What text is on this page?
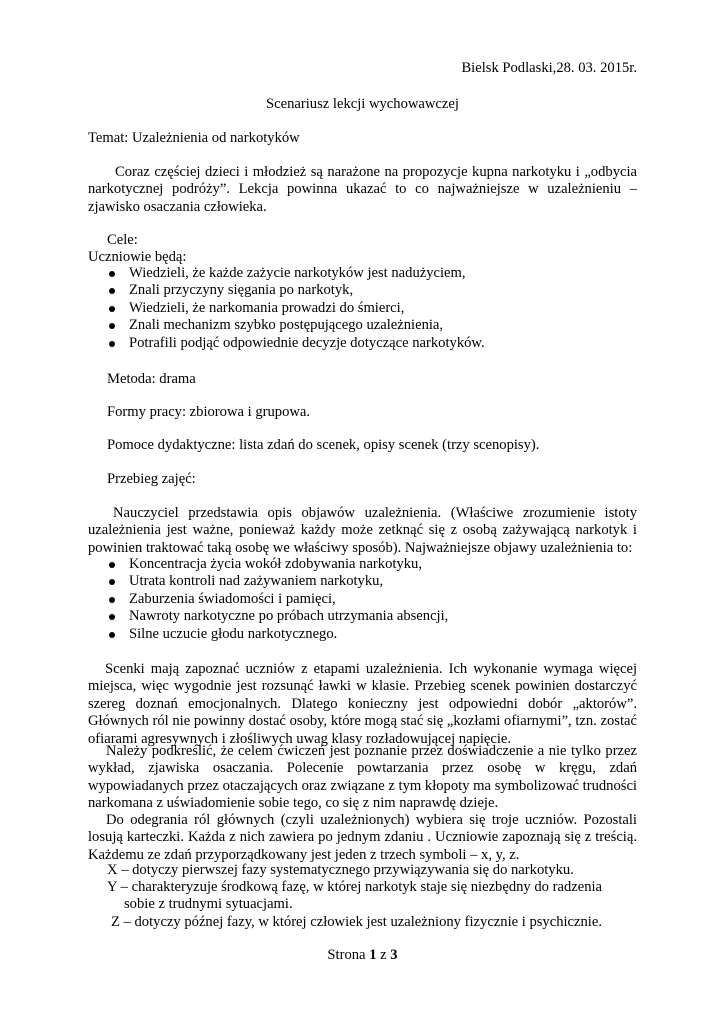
Bielsk Podlaski,28. 03. 2015r.

Scenariusz lekcji wychowawczej

Temat: Uzależnienia od narkotyków

Coraz częściej dzieci i młodzież są narażone na propozycje kupna narkotyku i „odbycia narkotycznej podróży”. Lekcja powinna ukazać to co najważniejsze w uzależnieniu – zjawisko osaczania człowieka.

Cele:

Uczniowie będą:

Wiedzieli, że każde zażycie narkotyków jest nadużyciem,
Znali przyczyny sięgania po narkotyk,
Wiedzieli, że narkomania prowadzi do śmierci,
Znali mechanizm szybko postępującego uzależnienia,
Potrafili podjąć odpowiednie decyzje dotyczące narkotyków.

Metoda: drama

Formy pracy: zbiorowa i grupowa.

Pomoce dydaktyczne: lista zdań do scenek, opisy scenek (trzy scenopisy).

Przebieg zajęć:

Nauczyciel przedstawia opis objawów uzależnienia. (Właściwe zrozumienie istoty uzależnienia jest ważne, ponieważ każdy może zetknąć się z osobą zażywającą narkotyk i powinien traktować taką osobę we właściwy sposób). Najważniejsze objawy uzależnienia to:

Koncentracja życia wokół zdobywania narkotyku,
Utrata kontroli nad zażywaniem narkotyku,
Zaburzenia świadomości i pamięci,
Nawroty narkotyczne po próbach utrzymania absencji,
Silne uczucie głodu narkotycznego.

Scenki mają zapoznać uczniów z etapami uzależnienia. Ich wykonanie wymaga więcej miejsca, więc wygodnie jest rozsunąć ławki w klasie. Przebieg scenek powinien dostarczyć szereg doznań emocjonalnych. Dlatego konieczny jest odpowiedni dobór „aktorów”. Głównych ról nie powinny dostać osoby, które mogą stać się „kozłami ofiarnymi”, tzn. zostać ofiarami agresywnych i złośliwych uwag klasy rozładowującej napięcie.

Należy podkreślić, że celem ćwiczeń jest poznanie przez doświadczenie a nie tylko przez wykład, zjawiska osaczania. Polecenie powtarzania przez osobę w kręgu, zdań wypowiadanych przez otaczających oraz związane z tym kłopoty ma symbolizować trudności narkomana z uświadomienie sobie tego, co się z nim naprawdę dzieje.

Do odegrania ról głównych (czyli uzależnionych) wybiera się troje uczniów. Pozostali losują karteczki. Każda z nich zawiera po jednym zdaniu . Uczniowie zapoznają się z treścią. Każdemu ze zdań przyporządkowany jest jeden z trzech symboli – x, y, z.

X – dotyczy pierwszej fazy systematycznego przywiązywania się do narkotyku.

Y – charakteryzuje środkową fazę, w której narkotyk staje się niezbędny do radzenia

sobie z trudnymi sytuacjami.

Z – dotyczy późnej fazy, w której człowiek jest uzależniony fizycznie i psychicznie.

Strona 1 z 3
